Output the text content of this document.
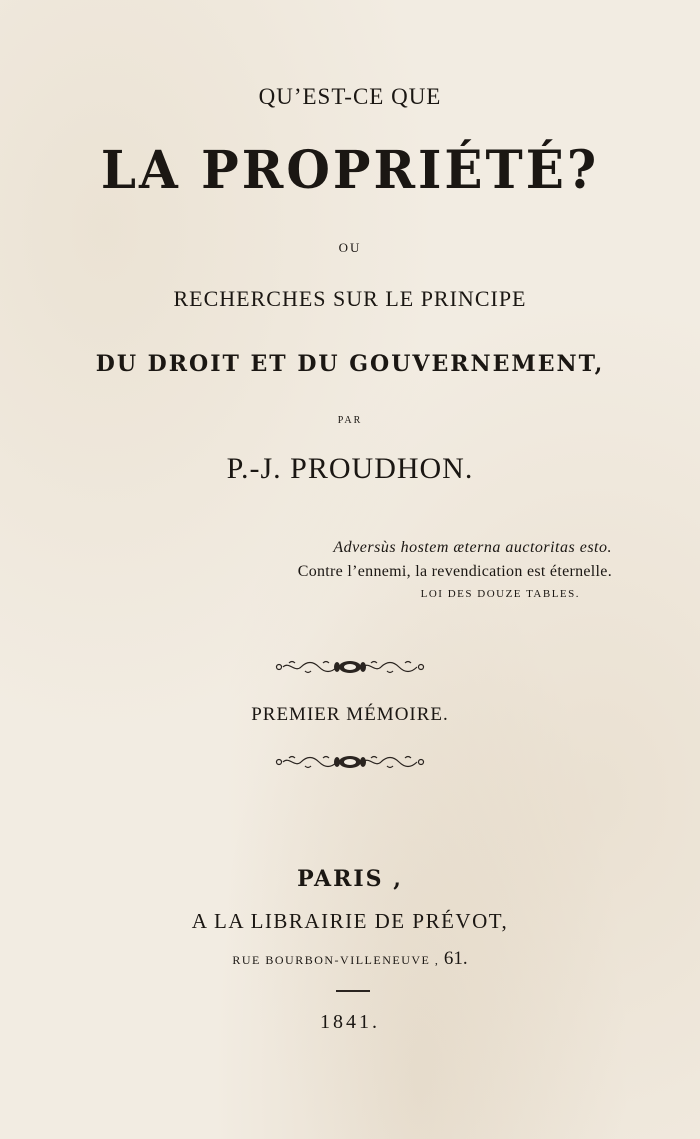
QU’EST-CE QUE
LA PROPRIÉTÉ?
OU
RECHERCHES SUR LE PRINCIPE
DU DROIT ET DU GOUVERNEMENT,
PAR
P.-J. PROUDHON.
Adversùs hostem æterna auctoritas esto.
Contre l’ennemi, la revendication est éternelle.
LOI DES DOUZE TABLES.
PREMIER MÉMOIRE.
PARIS ,
A LA LIBRAIRIE DE PRÉVOT,
RUE BOURBON-VILLENEUVE , 61.
1841.
